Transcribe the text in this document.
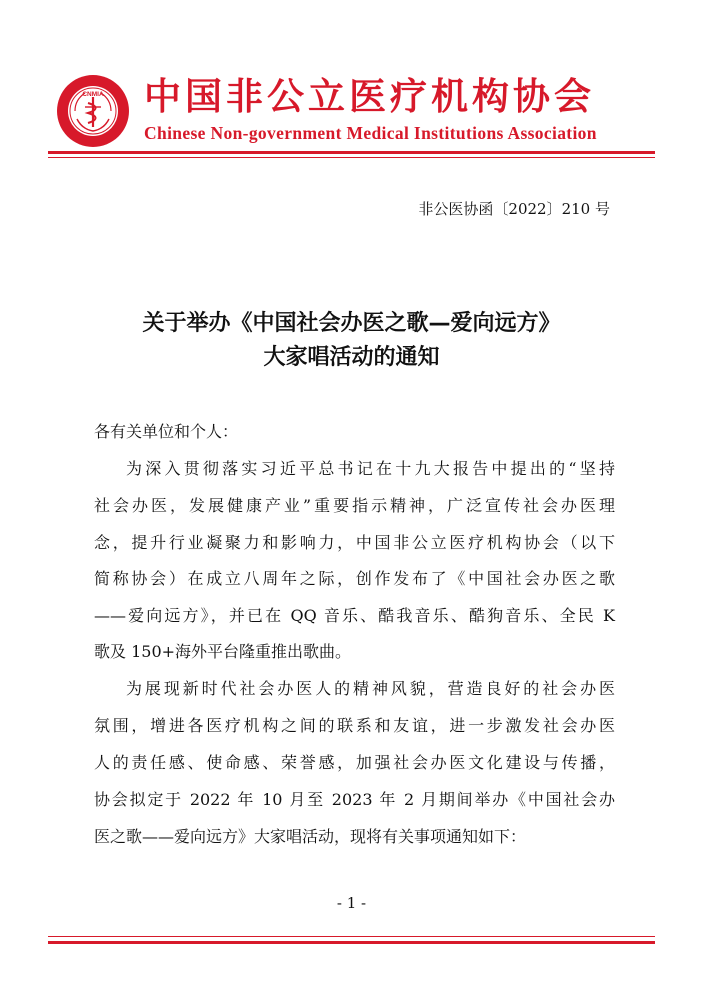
CNMIA 中国非公立医疗机构协会
Chinese Non-government Medical Institutions Association
非公医协函〔2022〕210 号
关于举办《中国社会办医之歌—爱向远方》
大家唱活动的通知
各有关单位和个人：
为深入贯彻落实习近平总书记在十九大报告中提出的“坚持
社会办医，发展健康产业”重要指示精神，广泛宣传社会办医理
念，提升行业凝聚力和影响力，中国非公立医疗机构协会（以下
简称协会）在成立八周年之际，创作发布了《中国社会办医之歌
——爱向远方》，并已在 QQ 音乐、酷我音乐、酷狗音乐、全民 K
歌及 150+海外平台隆重推出歌曲。
为展现新时代社会办医人的精神风貌，营造良好的社会办医
氛围，增进各医疗机构之间的联系和友谊，进一步激发社会办医
人的责任感、使命感、荣誉感，加强社会办医文化建设与传播，
协会拟定于 2022 年 10 月至 2023 年 2 月期间举办《中国社会办
医之歌——爱向远方》大家唱活动，现将有关事项通知如下：
- 1 -
